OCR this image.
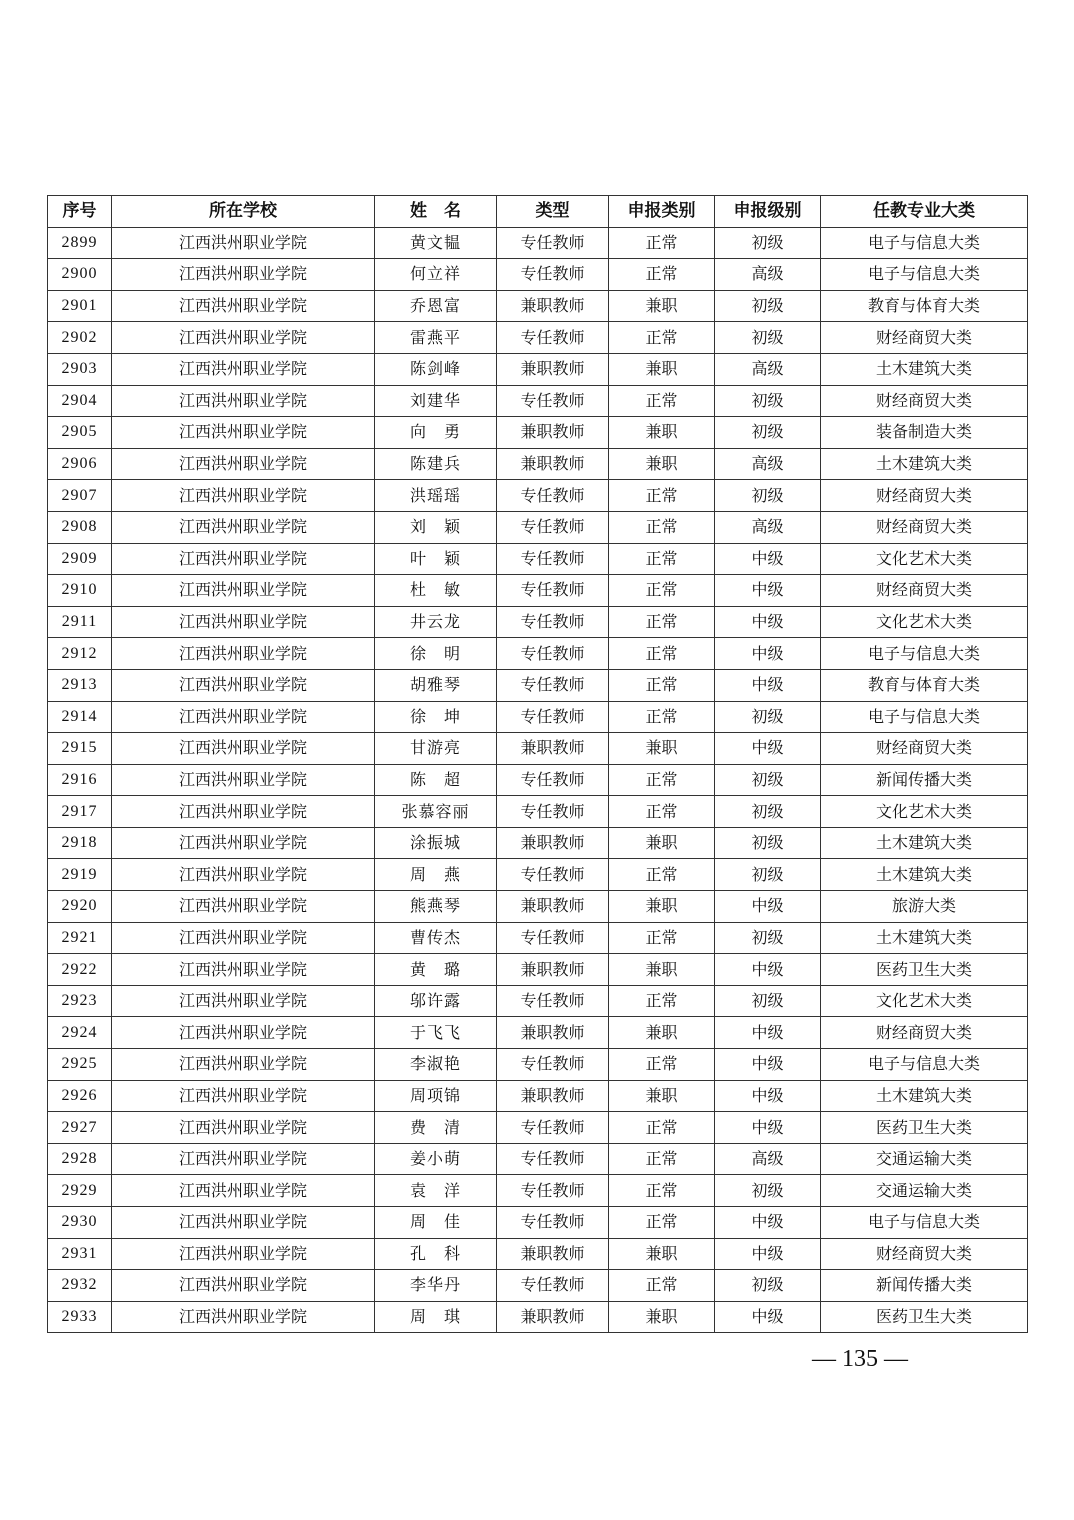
序号	所在学校	姓　名	类型	申报类别	申报级别	任教专业大类
2899	江西洪州职业学院	黄文韫	专任教师	正常	初级	电子与信息大类
2900	江西洪州职业学院	何立祥	专任教师	正常	高级	电子与信息大类
2901	江西洪州职业学院	乔恩富	兼职教师	兼职	初级	教育与体育大类
2902	江西洪州职业学院	雷燕平	专任教师	正常	初级	财经商贸大类
2903	江西洪州职业学院	陈剑峰	兼职教师	兼职	高级	土木建筑大类
2904	江西洪州职业学院	刘建华	专任教师	正常	初级	财经商贸大类
2905	江西洪州职业学院	向　勇	兼职教师	兼职	初级	装备制造大类
2906	江西洪州职业学院	陈建兵	兼职教师	兼职	高级	土木建筑大类
2907	江西洪州职业学院	洪瑶瑶	专任教师	正常	初级	财经商贸大类
2908	江西洪州职业学院	刘　颖	专任教师	正常	高级	财经商贸大类
2909	江西洪州职业学院	叶　颖	专任教师	正常	中级	文化艺术大类
2910	江西洪州职业学院	杜　敏	专任教师	正常	中级	财经商贸大类
2911	江西洪州职业学院	井云龙	专任教师	正常	中级	文化艺术大类
2912	江西洪州职业学院	徐　明	专任教师	正常	中级	电子与信息大类
2913	江西洪州职业学院	胡雅琴	专任教师	正常	中级	教育与体育大类
2914	江西洪州职业学院	徐　坤	专任教师	正常	初级	电子与信息大类
2915	江西洪州职业学院	甘游亮	兼职教师	兼职	中级	财经商贸大类
2916	江西洪州职业学院	陈　超	专任教师	正常	初级	新闻传播大类
2917	江西洪州职业学院	张慕容丽	专任教师	正常	初级	文化艺术大类
2918	江西洪州职业学院	涂振城	兼职教师	兼职	初级	土木建筑大类
2919	江西洪州职业学院	周　燕	专任教师	正常	初级	土木建筑大类
2920	江西洪州职业学院	熊燕琴	兼职教师	兼职	中级	旅游大类
2921	江西洪州职业学院	曹传杰	专任教师	正常	初级	土木建筑大类
2922	江西洪州职业学院	黄　璐	兼职教师	兼职	中级	医药卫生大类
2923	江西洪州职业学院	邬许露	专任教师	正常	初级	文化艺术大类
2924	江西洪州职业学院	于飞飞	兼职教师	兼职	中级	财经商贸大类
2925	江西洪州职业学院	李淑艳	专任教师	正常	中级	电子与信息大类
2926	江西洪州职业学院	周项锦	兼职教师	兼职	中级	土木建筑大类
2927	江西洪州职业学院	费　清	专任教师	正常	中级	医药卫生大类
2928	江西洪州职业学院	姜小萌	专任教师	正常	高级	交通运输大类
2929	江西洪州职业学院	袁　洋	专任教师	正常	初级	交通运输大类
2930	江西洪州职业学院	周　佳	专任教师	正常	中级	电子与信息大类
2931	江西洪州职业学院	孔　科	兼职教师	兼职	中级	财经商贸大类
2932	江西洪州职业学院	李华丹	专任教师	正常	初级	新闻传播大类
2933	江西洪州职业学院	周　琪	兼职教师	兼职	中级	医药卫生大类
— 135 —
